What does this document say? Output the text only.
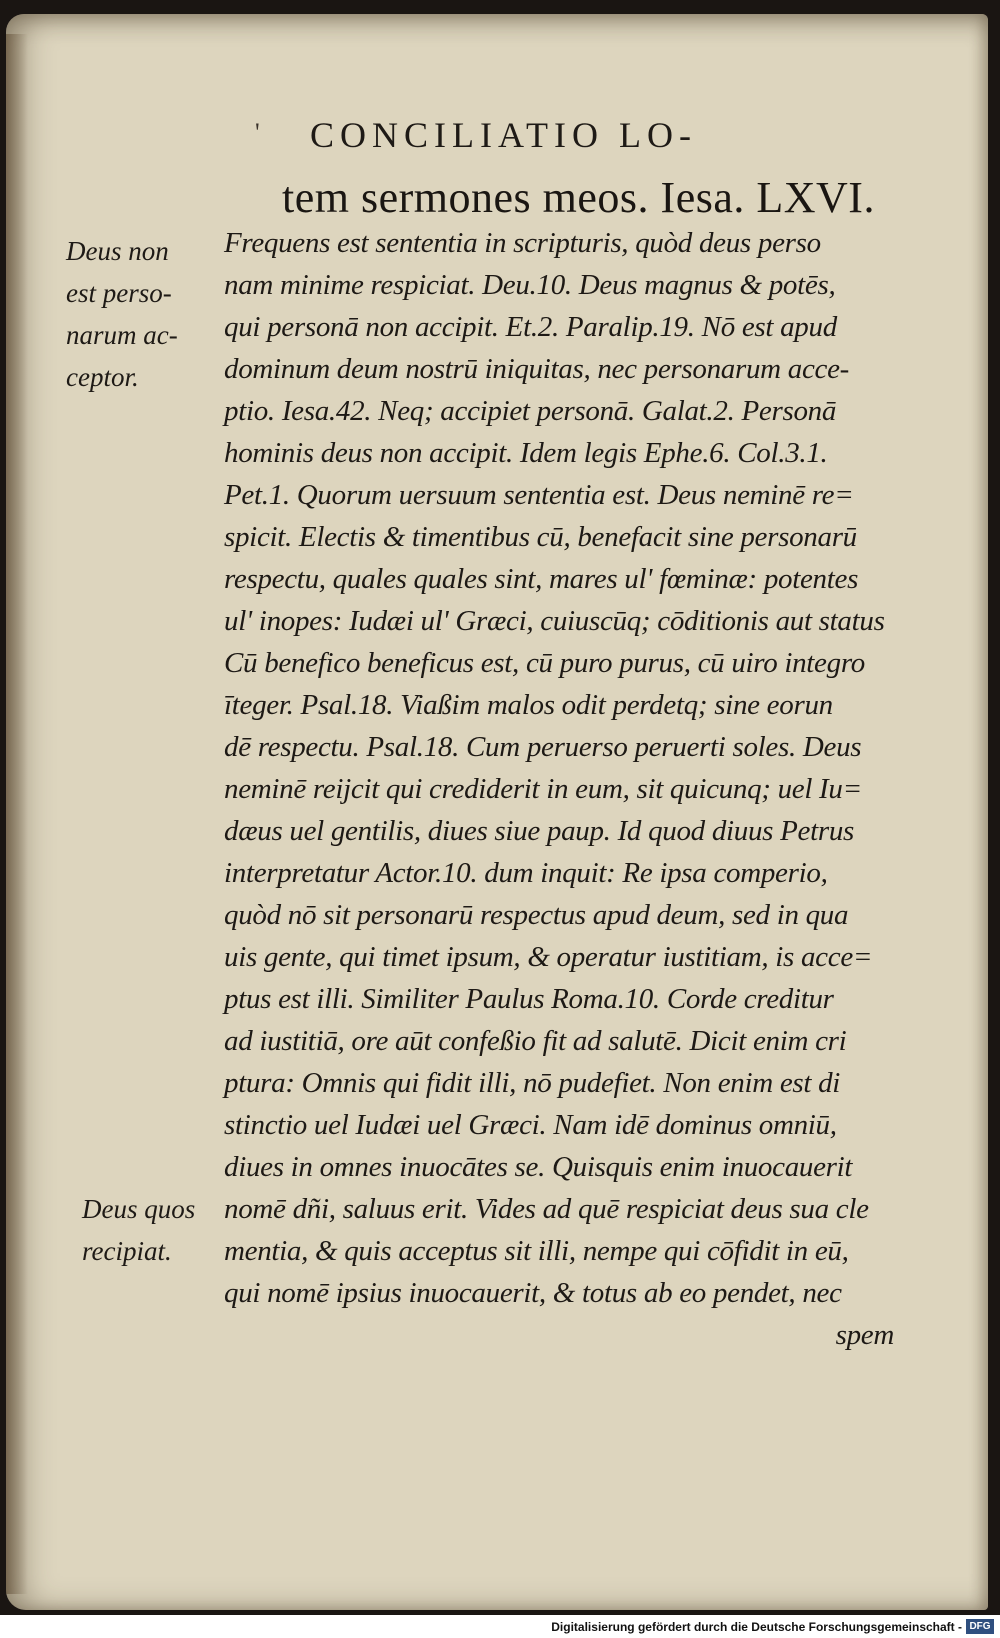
' CONCILIATIO LO-
tem sermones meos. Iesa. LXVI.
Deus non
est perso-
narum ac-
ceptor.
Deus quos
recipiat.
Frequens est sententia in scripturis, quòd deus perso
nam minime respiciat. Deu.10. Deus magnus & potēs,
qui personā non accipit. Et.2. Paralip.19. Nō est apud
dominum deum nostrū iniquitas, nec personarum acce-
ptio. Iesa.42. Neq; accipiet personā. Galat.2. Personā
hominis deus non accipit. Idem legis Ephe.6. Col.3.1.
Pet.1. Quorum uersuum sententia est. Deus neminē re=
spicit. Electis & timentibus cū, benefacit sine personarū
respectu, quales quales sint, mares ul' fœminæ: potentes
ul' inopes: Iudæi ul' Græci, cuiuscūq; cōditionis aut status
Cū benefico beneficus est, cū puro purus, cū uiro integro
īteger. Psal.18. Viaßim malos odit perdetq; sine eorun
dē respectu. Psal.18. Cum peruerso peruerti soles. Deus
neminē reijcit qui crediderit in eum, sit quicunq; uel Iu=
dæus uel gentilis, diues siue paup. Id quod diuus Petrus
interpretatur Actor.10. dum inquit: Re ipsa comperio,
quòd nō sit personarū respectus apud deum, sed in qua
uis gente, qui timet ipsum, & operatur iustitiam, is acce=
ptus est illi. Similiter Paulus Roma.10. Corde creditur
ad iustitiā, ore aūt confeßio fit ad salutē. Dicit enim cri
ptura: Omnis qui fidit illi, nō pudefiet. Non enim est di
stinctio uel Iudæi uel Græci. Nam idē dominus omniū,
diues in omnes inuocātes se. Quisquis enim inuocauerit
nomē dñi, saluus erit. Vides ad quē respiciat deus sua cle
mentia, & quis acceptus sit illi, nempe qui cōfidit in eū,
qui nomē ipsius inuocauerit, & totus ab eo pendet, nec
spem
Digitalisierung gefördert durch die Deutsche Forschungsgemeinschaft - DFG
